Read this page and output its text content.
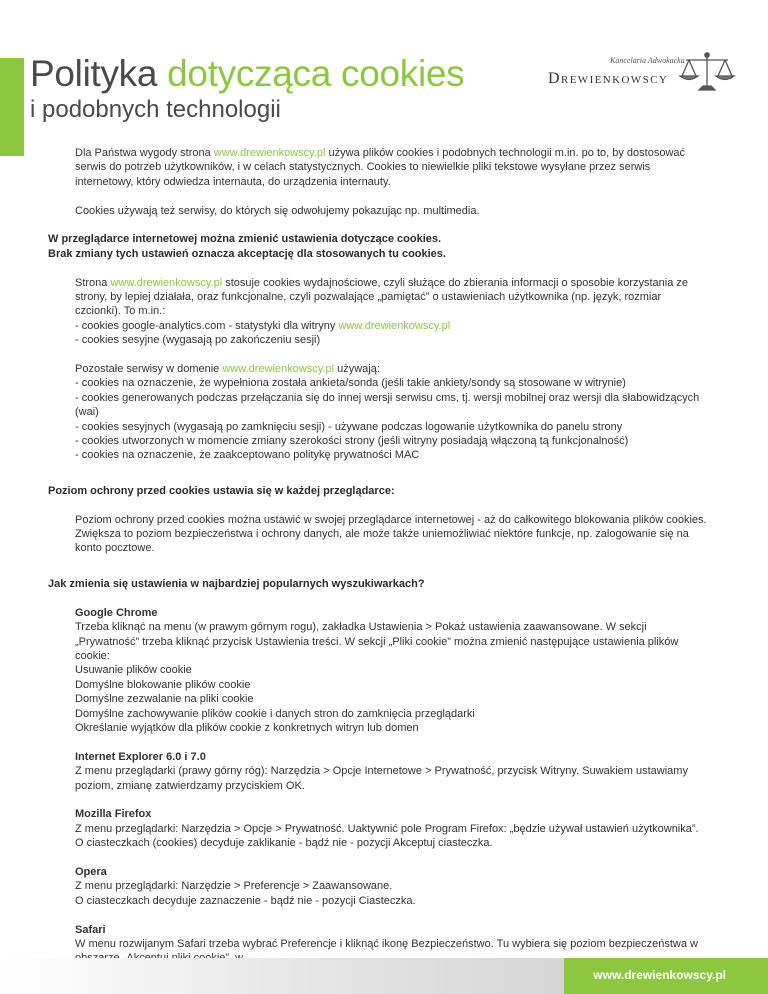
Polityka dotycząca cookies

i podobnych technologii

Kancelaria Adwokacka
Drewienkowscy

Dla Państwa wygody strona www.drewienkowscy.pl używa plików cookies i podobnych technologii m.in. po to, by dostosować serwis do potrzeb użytkowników, i w celach statystycznych. Cookies to niewielkie pliki tekstowe wysyłane przez serwis internetowy, który odwiedza internauta, do urządzenia internauty.

Cookies używają też serwisy, do których się odwołujemy pokazując np. multimedia.

W przeglądarce internetowej można zmienić ustawienia dotyczące cookies.

Brak zmiany tych ustawień oznacza akceptację dla stosowanych tu cookies.

Strona www.drewienkowscy.pl stosuje cookies wydajnościowe, czyli służące do zbierania informacji o sposobie korzystania ze strony, by lepiej działała, oraz funkcjonalne, czyli pozwalające „pamiętać” o ustawieniach użytkownika (np. język, rozmiar czcionki). To m.in.:

- cookies google-analytics.com - statystyki dla witryny www.drewienkowscy.pl

- cookies sesyjne (wygasają po zakończeniu sesji)

Pozostałe serwisy w domenie www.drewienkowscy.pl używają:

- cookies na oznaczenie, że wypełniona została ankieta/sonda (jeśli takie ankiety/sondy są stosowane w witrynie)

- cookies generowanych podczas przełączania się do innej wersji serwisu cms, tj. wersji mobilnej oraz wersji dla słabowidzących (wai)

- cookies sesyjnych (wygasają po zamknięciu sesji) - używane podczas logowanie użytkownika do panelu strony

- cookies utworzonych w momencie zmiany szerokości strony (jeśli witryny posiadają włączoną tą funkcjonalność)

- cookies na oznaczenie, że zaakceptowano politykę prywatności MAC

Poziom ochrony przed cookies ustawia się w każdej przeglądarce:

Poziom ochrony przed cookies można ustawić w swojej przeglądarce internetowej - aż do całkowitego blokowania plików cookies. Zwiększa to poziom bezpieczeństwa i ochrony danych, ale może także uniemożliwiać niektóre funkcje, np. zalogowanie się na konto pocztowe.

Jak zmienia się ustawienia w najbardziej popularnych wyszukiwarkach?

Google Chrome

Trzeba kliknąć na menu (w prawym górnym rogu), zakładka Ustawienia > Pokaż ustawienia zaawansowane. W sekcji „Prywatność” trzeba kliknąć przycisk Ustawienia treści. W sekcji „Pliki cookie” można zmienić następujące ustawienia plików cookie:

Usuwanie plików cookie

Domyślne blokowanie plików cookie

Domyślne zezwalanie na pliki cookie

Domyślne zachowywanie plików cookie i danych stron do zamknięcia przeglądarki

Określanie wyjątków dla plików cookie z konkretnych witryn lub domen

Internet Explorer 6.0 i 7.0

Z menu przeglądarki (prawy górny róg): Narzędzia > Opcje Internetowe > Prywatność, przycisk Witryny. Suwakiem ustawiamy poziom, zmianę zatwierdzamy przyciskiem OK.

Mozilla Firefox

Z menu przeglądarki: Narzędzia > Opcje > Prywatność. Uaktywnić pole Program Firefox: „będzie używał ustawień użytkownika”. O ciasteczkach (cookies) decyduje zaklikanie - bądź nie - pozycji Akceptuj ciasteczka.

Opera

Z menu przeglądarki: Narzędzie > Preferencje > Zaawansowane.

O ciasteczkach decyduje zaznaczenie - bądź nie - pozycji Ciasteczka.

Safari

W menu rozwijanym Safari trzeba wybrać Preferencje i kliknąć ikonę Bezpieczeństwo. Tu wybiera się poziom bezpieczeństwa w

www.drewienkowscy.pl
